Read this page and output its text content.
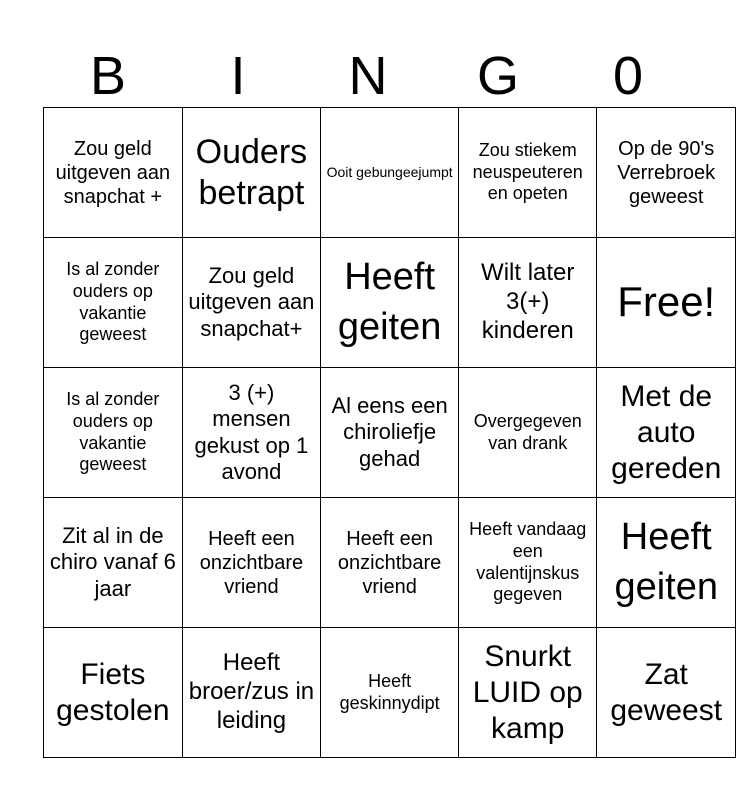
B	I	N	G	0
Zou geld uitgeven aan snapchat +	Ouders betrapt	Ooit gebungeejumpt	Zou stiekem neuspeuteren en opeten	Op de 90's Verrebroek geweest
Is al zonder ouders op vakantie geweest	Zou geld uitgeven aan snapchat+	Heeft geiten	Wilt later 3(+) kinderen	Free!
Is al zonder ouders op vakantie geweest	3 (+) mensen gekust op 1 avond	Al eens een chiroliefje gehad	Overgegeven van drank	Met de auto gereden
Zit al in de chiro vanaf 6 jaar	Heeft een onzichtbare vriend	Heeft een onzichtbare vriend	Heeft vandaag een valentijnskus gegeven	Heeft geiten
Fiets gestolen	Heeft broer/zus in leiding	Heeft geskinnydipt	Snurkt LUID op kamp	Zat geweest
